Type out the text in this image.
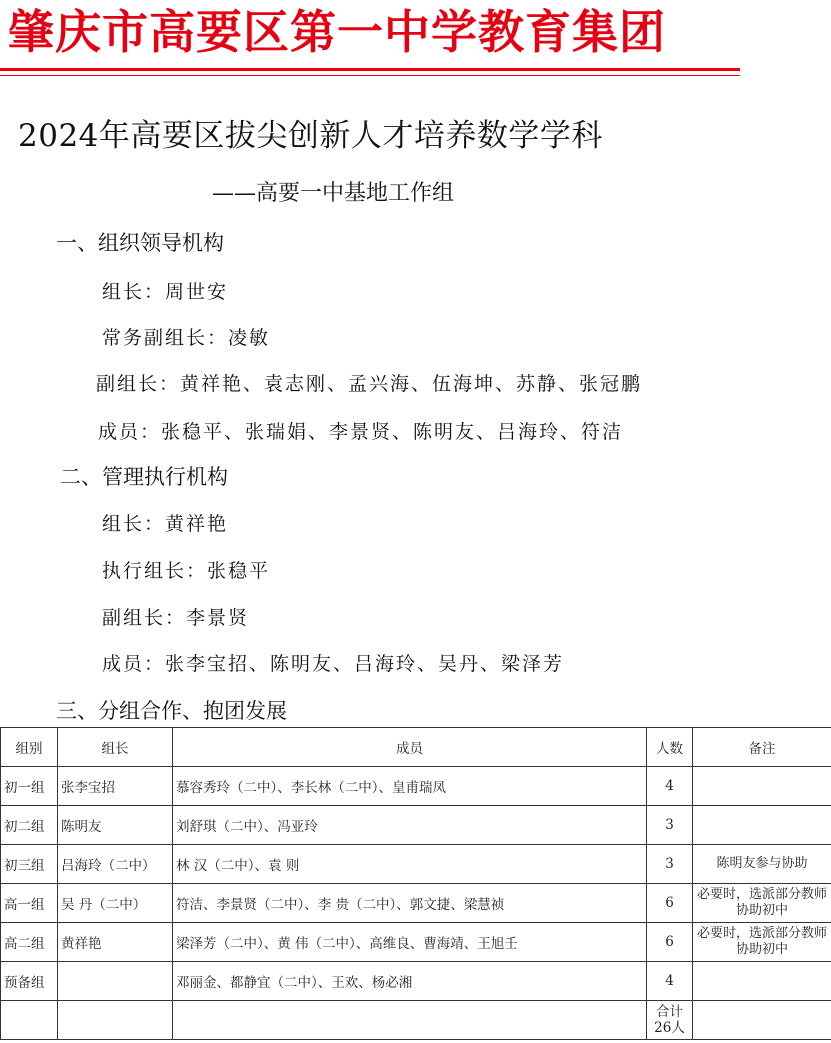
肇庆市高要区第一中学教育集团
2024年高要区拔尖创新人才培养数学学科
——高要一中基地工作组
一、组织领导机构
组长：周世安
常务副组长：凌敏
副组长：黄祥艳、袁志刚、孟兴海、伍海坤、苏静、张冠鹏
成员：张稳平、张瑞娟、李景贤、陈明友、吕海玲、符洁
二、管理执行机构
组长：黄祥艳
执行组长：张稳平
副组长：李景贤
成员：张李宝招、陈明友、吕海玲、吴丹、梁泽芳
三、分组合作、抱团发展
组别	组长	成员	人数	备注
初一组	张李宝招	慕容秀玲（二中）、李长林（二中）、皇甫瑞凤	4	
初二组	陈明友	刘舒琪（二中）、冯亚玲	3	
初三组	吕海玲（二中）	林 汉（二中）、袁 则	3	陈明友参与协助
高一组	吴 丹（二中）	符洁、李景贤（二中）、李 贵（二中）、郭文捷、梁慧祯	6	必要时，选派部分教师协助初中
高二组	黄祥艳	梁泽芳（二中）、黄 伟（二中）、高维良、曹海靖、王旭壬	6	必要时，选派部分教师协助初中
预备组		邓丽金、都静宜（二中）、王欢、杨必湘	4	
			合计26人	
